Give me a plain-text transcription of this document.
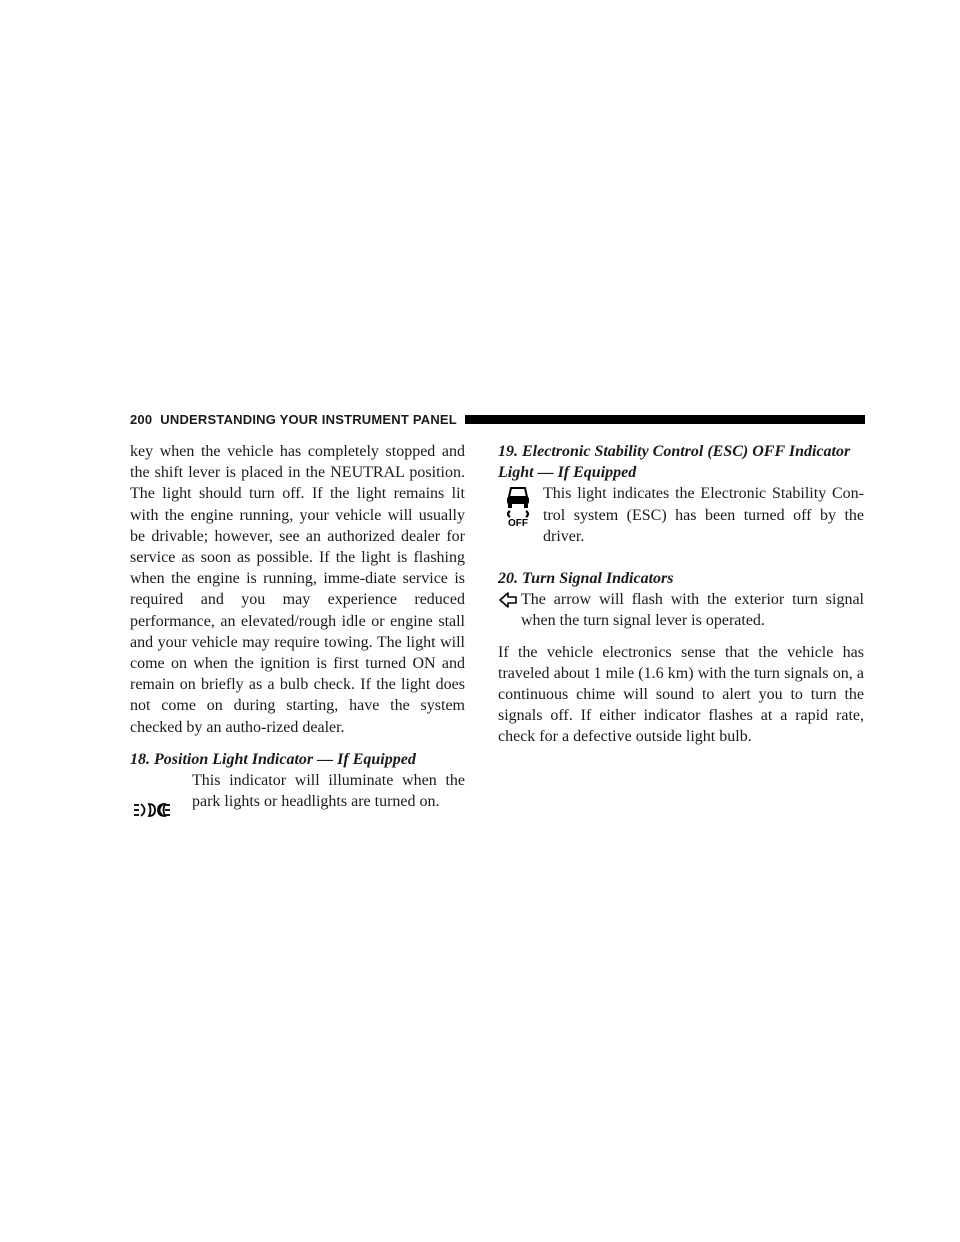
200 UNDERSTANDING YOUR INSTRUMENT PANEL

key when the vehicle has completely stopped and the shift lever is placed in the NEUTRAL position. The light should turn off. If the light remains lit with the engine running, your vehicle will usually be drivable; however, see an authorized dealer for service as soon as possible. If the light is flashing when the engine is running, imme-diate service is required and you may experience reduced performance, an elevated/rough idle or engine stall and your vehicle may require towing. The light will come on when the ignition is first turned ON and remain on briefly as a bulb check. If the light does not come on during starting, have the system checked by an autho-rized dealer.

18. Position Light Indicator — If Equipped

This indicator will illuminate when the park lights or headlights are turned on.

19. Electronic Stability Control (ESC) OFF Indicator Light — If Equipped

OFF
This light indicates the Electronic Stability Con-trol system (ESC) has been turned off by the driver.

20. Turn Signal Indicators

The arrow will flash with the exterior turn signal when the turn signal lever is operated.

If the vehicle electronics sense that the vehicle has traveled about 1 mile (1.6 km) with the turn signals on, a continuous chime will sound to alert you to turn the signals off. If either indicator flashes at a rapid rate, check for a defective outside light bulb.
